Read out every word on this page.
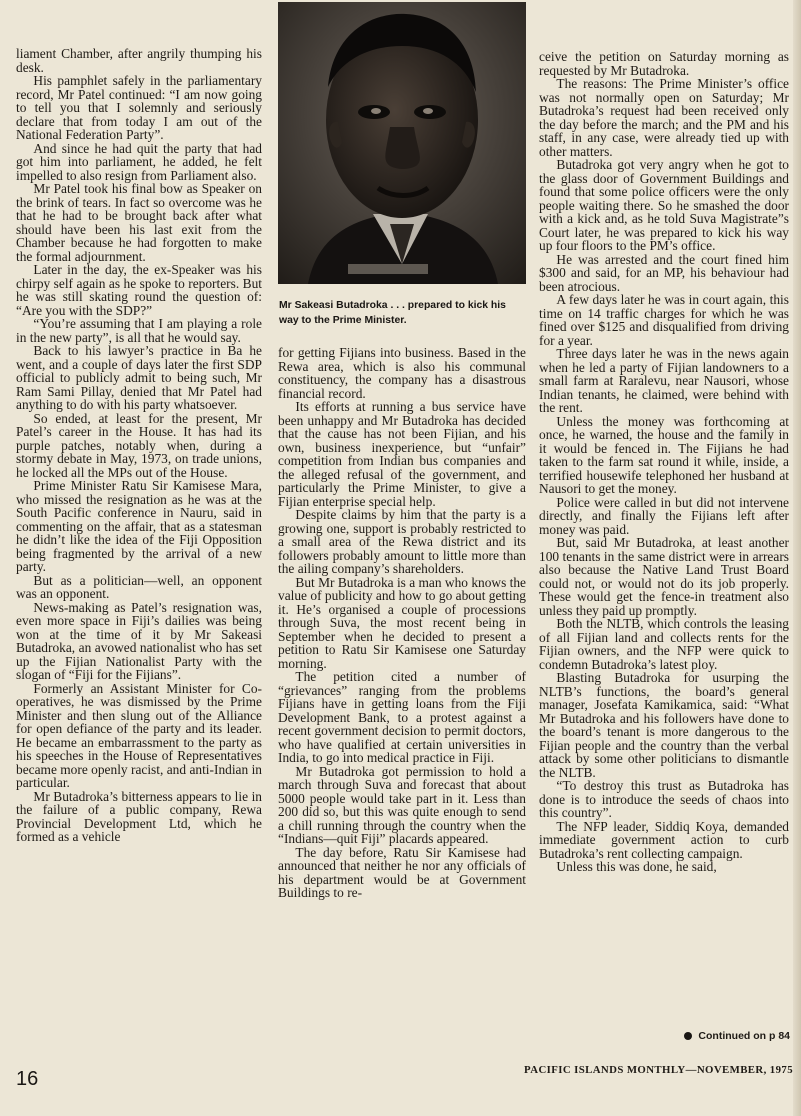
liament Chamber, after angrily thumping his desk.

His pamphlet safely in the parliamentary record, Mr Patel continued: “I am now going to tell you that I solemnly and seriously declare that from today I am out of the National Federation Party”.

And since he had quit the party that had got him into parliament, he added, he felt impelled to also resign from Parliament also.

Mr Patel took his final bow as Speaker on the brink of tears. In fact so overcome was he that he had to be brought back after what should have been his last exit from the Chamber because he had forgotten to make the formal adjournment.

Later in the day, the ex-Speaker was his chirpy self again as he spoke to reporters. But he was still skating round the question of: “Are you with the SDP?”

“You’re assuming that I am playing a role in the new party”, is all that he would say.

Back to his lawyer’s practice in Ba he went, and a couple of days later the first SDP official to publicly admit to being such, Mr Ram Sami Pillay, denied that Mr Patel had anything to do with his party whatsoever.

So ended, at least for the present, Mr Patel’s career in the House. It has had its purple patches, notably when, during a stormy debate in May, 1973, on trade unions, he locked all the MPs out of the House.

Prime Minister Ratu Sir Kamisese Mara, who missed the resignation as he was at the South Pacific conference in Nauru, said in commenting on the affair, that as a statesman he didn’t like the idea of the Fiji Opposition being fragmented by the arrival of a new party.

But as a politician—well, an opponent was an opponent.

News-making as Patel’s resignation was, even more space in Fiji’s dailies was being won at the time of it by Mr Sakeasi Butadroka, an avowed nationalist who has set up the Fijian Nationalist Party with the slogan of “Fiji for the Fijians”.

Formerly an Assistant Minister for Co-operatives, he was dismissed by the Prime Minister and then slung out of the Alliance for open defiance of the party and its leader. He became an embarrassment to the party as his speeches in the House of Representatives became more openly racist, and anti-Indian in particular.

Mr Butadroka’s bitterness appears to lie in the failure of a public company, Rewa Provincial Development Ltd, which he formed as a vehicle

Mr Sakeasi Butadroka . . . prepared to kick his way to the Prime Minister.

for getting Fijians into business. Based in the Rewa area, which is also his communal constituency, the company has a disastrous financial record.

Its efforts at running a bus service have been unhappy and Mr Butadroka has decided that the cause has not been Fijian, and his own, business inexperience, but “unfair” competition from Indian bus companies and the alleged refusal of the government, and particularly the Prime Minister, to give a Fijian enterprise special help.

Despite claims by him that the party is a growing one, support is probably restricted to a small area of the Rewa district and its followers probably amount to little more than the ailing company’s shareholders.

But Mr Butadroka is a man who knows the value of publicity and how to go about getting it. He’s organised a couple of processions through Suva, the most recent being in September when he decided to present a petition to Ratu Sir Kamisese one Saturday morning.

The petition cited a number of “grievances” ranging from the problems Fijians have in getting loans from the Fiji Development Bank, to a protest against a recent government decision to permit doctors, who have qualified at certain universities in India, to go into medical practice in Fiji.

Mr Butadroka got permission to hold a march through Suva and forecast that about 5000 people would take part in it. Less than 200 did so, but this was quite enough to send a chill running through the country when the “Indians—quit Fiji” placards appeared.

The day before, Ratu Sir Kamisese had announced that neither he nor any officials of his department would be at Government Buildings to re-

ceive the petition on Saturday morning as requested by Mr Butadroka.

The reasons: The Prime Minister’s office was not normally open on Saturday; Mr Butadroka’s request had been received only the day before the march; and the PM and his staff, in any case, were already tied up with other matters.

Butadroka got very angry when he got to the glass door of Government Buildings and found that some police officers were the only people waiting there. So he smashed the door with a kick and, as he told Suva Magistrate”s Court later, he was prepared to kick his way up four floors to the PM’s office.

He was arrested and the court fined him $300 and said, for an MP, his behaviour had been atrocious.

A few days later he was in court again, this time on 14 traffic charges for which he was fined over $125 and disqualified from driving for a year.

Three days later he was in the news again when he led a party of Fijian landowners to a small farm at Raralevu, near Nausori, whose Indian tenants, he claimed, were behind with the rent.

Unless the money was forthcoming at once, he warned, the house and the family in it would be fenced in. The Fijians he had taken to the farm sat round it while, inside, a terrified housewife telephoned her husband at Nausori to get the money.

Police were called in but did not intervene directly, and finally the Fijians left after money was paid.

But, said Mr Butadroka, at least another 100 tenants in the same district were in arrears also because the Native Land Trust Board could not, or would not do its job properly. These would get the fence-in treatment also unless they paid up promptly.

Both the NLTB, which controls the leasing of all Fijian land and collects rents for the Fijian owners, and the NFP were quick to condemn Butadroka’s latest ploy.

Blasting Butadroka for usurping the NLTB’s functions, the board’s general manager, Josefata Kamikamica, said: “What Mr Butadroka and his followers have done to the board’s tenant is more dangerous to the Fijian people and the country than the verbal attack by some other politicians to dismantle the NLTB.

“To destroy this trust as Butadroka has done is to introduce the seeds of chaos into this country”.

The NFP leader, Siddiq Koya, demanded immediate government action to curb Butadroka’s rent collecting campaign.

Unless this was done, he said,

Continued on p 84
16	PACIFIC ISLANDS MONTHLY—NOVEMBER, 1975
